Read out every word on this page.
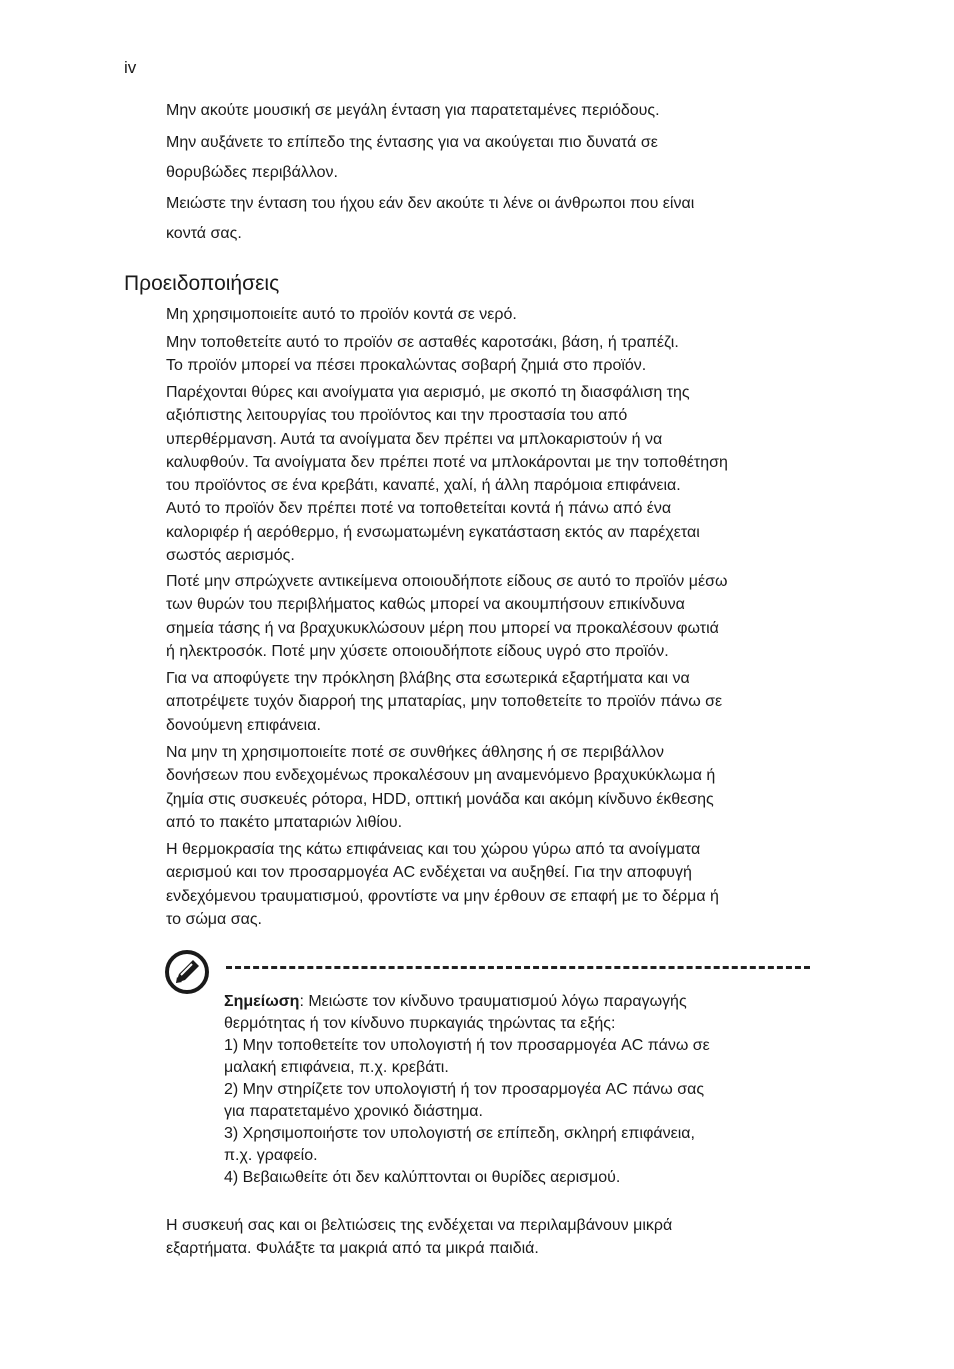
iv

Μην ακούτε μουσική σε μεγάλη ένταση για παρατεταμένες περιόδους.

Μην αυξάνετε το επίπεδο της έντασης για να ακούγεται πιο δυνατά σε
θορυβώδες περιβάλλον.

Μειώστε την ένταση του ήχου εάν δεν ακούτε τι λένε οι άνθρωποι που είναι
κοντά σας.

Προειδοποιήσεις

Μη χρησιμοποιείτε αυτό το προϊόν κοντά σε νερό.

Μην τοποθετείτε αυτό το προϊόν σε ασταθές καροτσάκι, βάση, ή τραπέζι.
Το προϊόν μπορεί να πέσει προκαλώντας σοβαρή ζημιά στο προϊόν.

Παρέχονται θύρες και ανοίγματα για αερισμό, με σκοπό τη διασφάλιση της
αξιόπιστης λειτουργίας του προϊόντος και την προστασία του από
υπερθέρμανση. Αυτά τα ανοίγματα δεν πρέπει να μπλοκαριστούν ή να
καλυφθούν. Τα ανοίγματα δεν πρέπει ποτέ να μπλοκάρονται με την τοποθέτηση
του προϊόντος σε ένα κρεβάτι, καναπέ, χαλί, ή άλλη παρόμοια επιφάνεια.
Αυτό το προϊόν δεν πρέπει ποτέ να τοποθετείται κοντά ή πάνω από ένα
καλοριφέρ ή αερόθερμο, ή ενσωματωμένη εγκατάσταση εκτός αν παρέχεται
σωστός αερισμός.

Ποτέ μην σπρώχνετε αντικείμενα οποιουδήποτε είδους σε αυτό το προϊόν μέσω
των θυρών του περιβλήματος καθώς μπορεί να ακουμπήσουν επικίνδυνα
σημεία τάσης ή να βραχυκυκλώσουν μέρη που μπορεί να προκαλέσουν φωτιά
ή ηλεκτροσόκ. Ποτέ μην χύσετε οποιουδήποτε είδους υγρό στο προϊόν.

Για να αποφύγετε την πρόκληση βλάβης στα εσωτερικά εξαρτήματα και να
αποτρέψετε τυχόν διαρροή της μπαταρίας, μην τοποθετείτε το προϊόν πάνω σε
δονούμενη επιφάνεια.

Να μην τη χρησιμοποιείτε ποτέ σε συνθήκες άθλησης ή σε περιβάλλον
δονήσεων που ενδεχομένως προκαλέσουν μη αναμενόμενο βραχυκύκλωμα ή
ζημία στις συσκευές ρότορα, HDD, οπτική μονάδα και ακόμη κίνδυνο έκθεσης
από το πακέτο μπαταριών λιθίου.

Η θερμοκρασία της κάτω επιφάνειας και του χώρου γύρω από τα ανοίγματα
αερισμού και τον προσαρμογέα AC ενδέχεται να αυξηθεί. Για την αποφυγή
ενδεχόμενου τραυματισμού, φροντίστε να μην έρθουν σε επαφή με το δέρμα ή
το σώμα σας.

Σημείωση: Μειώστε τον κίνδυνο τραυματισμού λόγω παραγωγής
θερμότητας ή τον κίνδυνο πυρκαγιάς τηρώντας τα εξής:
1) Μην τοποθετείτε τον υπολογιστή ή τον προσαρμογέα AC πάνω σε
μαλακή επιφάνεια, π.χ. κρεβάτι.
2) Μην στηρίζετε τον υπολογιστή ή τον προσαρμογέα AC πάνω σας
για παρατεταμένο χρονικό διάστημα.
3) Χρησιμοποιήστε τον υπολογιστή σε επίπεδη, σκληρή επιφάνεια,
π.χ. γραφείο.
4) Βεβαιωθείτε ότι δεν καλύπτονται οι θυρίδες αερισμού.

Η συσκευή σας και οι βελτιώσεις της ενδέχεται να περιλαμβάνουν μικρά
εξαρτήματα. Φυλάξτε τα μακριά από τα μικρά παιδιά.
